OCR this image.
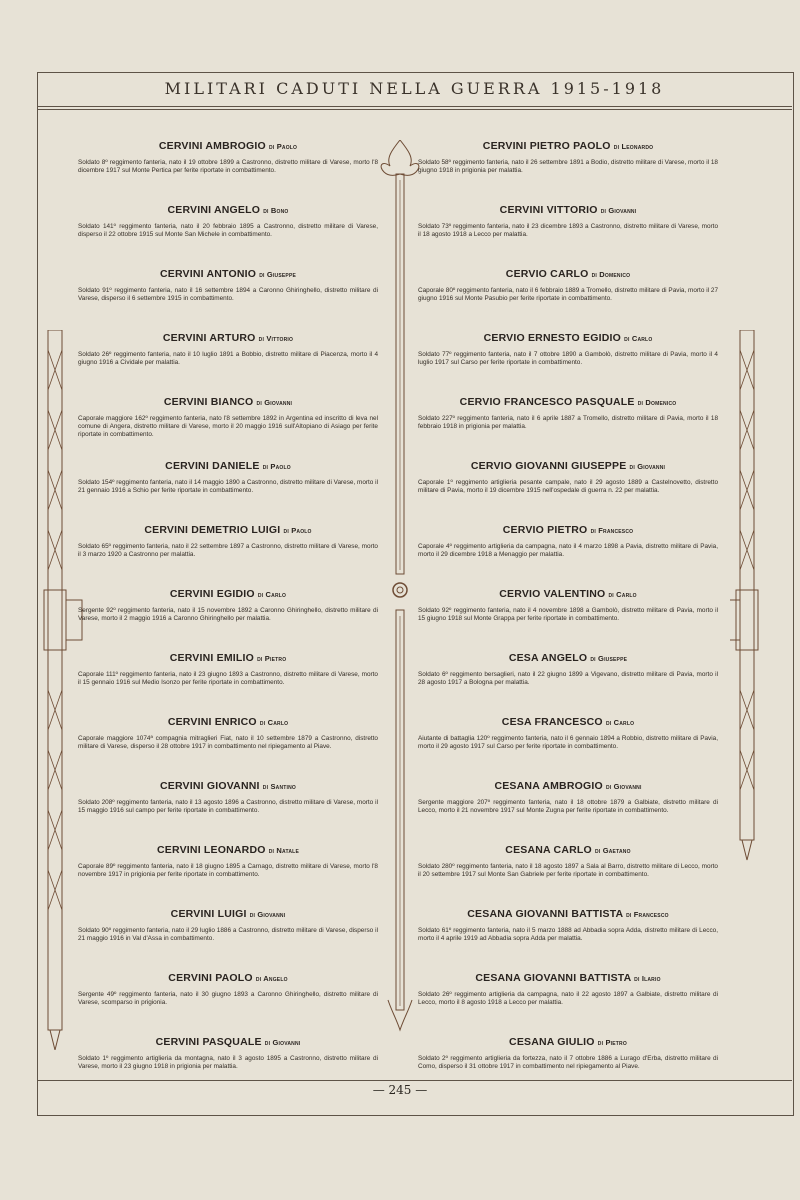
MILITARI CADUTI NELLA GUERRA 1915-1918
CERVINI AMBROGIO di Paolo
Soldato 8º reggimento fanteria, nato il 19 ottobre 1899 a Castronno, distretto militare di Varese, morto l'8 dicembre 1917 sul Monte Pertica per ferite riportate in combattimento.
CERVINI ANGELO di Bono
Soldato 141º reggimento fanteria, nato il 20 febbraio 1895 a Castronno, distretto militare di Varese, disperso il 22 ottobre 1915 sul Monte San Michele in combattimento.
CERVINI ANTONIO di Giuseppe
Soldato 91º reggimento fanteria, nato il 16 settembre 1894 a Caronno Ghiringhello, distretto militare di Varese, disperso il 6 settembre 1915 in combattimento.
CERVINI ARTURO di Vittorio
Soldato 26º reggimento fanteria, nato il 10 luglio 1891 a Bobbio, distretto militare di Piacenza, morto il 4 giugno 1916 a Cividale per malattia.
CERVINI BIANCO di Giovanni
Caporale maggiore 162º reggimento fanteria, nato l'8 settembre 1892 in Argentina ed inscritto di leva nel comune di Angera, distretto militare di Varese, morto il 20 maggio 1916 sull'Altopiano di Asiago per ferite riportate in combattimento.
CERVINI DANIELE di Paolo
Soldato 154º reggimento fanteria, nato il 14 maggio 1890 a Castronno, distretto militare di Varese, morto il 21 gennaio 1916 a Schio per ferite riportate in combattimento.
CERVINI DEMETRIO LUIGI di Paolo
Soldato 65º reggimento fanteria, nato il 22 settembre 1897 a Castronno, distretto militare di Varese, morto il 3 marzo 1920 a Castronno per malattia.
CERVINI EGIDIO di Carlo
Sergente 92º reggimento fanteria, nato il 15 novembre 1892 a Caronno Ghiringhello, distretto militare di Varese, morto il 2 maggio 1916 a Caronno Ghiringhello per malattia.
CERVINI EMILIO di Pietro
Caporale 111º reggimento fanteria, nato il 23 giugno 1893 a Castronno, distretto militare di Varese, morto il 15 gennaio 1916 sul Medio Isonzo per ferite riportate in combattimento.
CERVINI ENRICO di Carlo
Caporale maggiore 1074ª compagnia mitraglieri Fiat, nato il 10 settembre 1879 a Castronno, distretto militare di Varese, disperso il 28 ottobre 1917 in combattimento nel ripiegamento al Piave.
CERVINI GIOVANNI di Santino
Soldato 208º reggimento fanteria, nato il 13 agosto 1896 a Castronno, distretto militare di Varese, morto il 15 maggio 1916 sul campo per ferite riportate in combattimento.
CERVINI LEONARDO di Natale
Caporale 89º reggimento fanteria, nato il 18 giugno 1895 a Carnago, distretto militare di Varese, morto l'8 novembre 1917 in prigionia per ferite riportate in combattimento.
CERVINI LUIGI di Giovanni
Soldato 90º reggimento fanteria, nato il 29 luglio 1886 a Castronno, distretto militare di Varese, disperso il 21 maggio 1916 in Val d'Assa in combattimento.
CERVINI PAOLO di Angelo
Sergente 49º reggimento fanteria, nato il 30 giugno 1893 a Caronno Ghiringhello, distretto militare di Varese, scomparso in prigionia.
CERVINI PASQUALE di Giovanni
Soldato 1º reggimento artiglieria da montagna, nato il 3 agosto 1895 a Castronno, distretto militare di Varese, morto il 23 giugno 1918 in prigionia per malattia.
CERVINI PIETRO PAOLO di Leonardo
Soldato 58º reggimento fanteria, nato il 26 settembre 1891 a Bodio, distretto militare di Varese, morto il 18 giugno 1918 in prigionia per malattia.
CERVINI VITTORIO di Giovanni
Soldato 73º reggimento fanteria, nato il 23 dicembre 1893 a Castronno, distretto militare di Varese, morto il 18 agosto 1918 a Lecco per malattia.
CERVIO CARLO di Domenico
Caporale 80º reggimento fanteria, nato il 6 febbraio 1889 a Tromello, distretto militare di Pavia, morto il 27 giugno 1916 sul Monte Pasubio per ferite riportate in combattimento.
CERVIO ERNESTO EGIDIO di Carlo
Soldato 77º reggimento fanteria, nato il 7 ottobre 1890 a Gambolò, distretto militare di Pavia, morto il 4 luglio 1917 sul Carso per ferite riportate in combattimento.
CERVIO FRANCESCO PASQUALE di Domenico
Soldato 227º reggimento fanteria, nato il 6 aprile 1887 a Tromello, distretto militare di Pavia, morto il 18 febbraio 1918 in prigionia per malattia.
CERVIO GIOVANNI GIUSEPPE di Giovanni
Caporale 1º reggimento artiglieria pesante campale, nato il 29 agosto 1889 a Castelnovetto, distretto militare di Pavia, morto il 19 dicembre 1915 nell'ospedale di guerra n. 22 per malattia.
CERVIO PIETRO di Francesco
Caporale 4º reggimento artiglieria da campagna, nato il 4 marzo 1898 a Pavia, distretto militare di Pavia, morto il 29 dicembre 1918 a Menaggio per malattia.
CERVIO VALENTINO di Carlo
Soldato 92º reggimento fanteria, nato il 4 novembre 1898 a Gambolò, distretto militare di Pavia, morto il 15 giugno 1918 sul Monte Grappa per ferite riportate in combattimento.
CESA ANGELO di Giuseppe
Soldato 6º reggimento bersaglieri, nato il 22 giugno 1899 a Vigevano, distretto militare di Pavia, morto il 28 agosto 1917 a Bologna per malattia.
CESA FRANCESCO di Carlo
Aiutante di battaglia 120º reggimento fanteria, nato il 6 gennaio 1894 a Robbio, distretto militare di Pavia, morto il 29 agosto 1917 sul Carso per ferite riportate in combattimento.
CESANA AMBROGIO di Giovanni
Sergente maggiore 207º reggimento fanteria, nato il 18 ottobre 1879 a Galbiate, distretto militare di Lecco, morto il 21 novembre 1917 sul Monte Zugna per ferite riportate in combattimento.
CESANA CARLO di Gaetano
Soldato 280º reggimento fanteria, nato il 18 agosto 1897 a Sala al Barro, distretto militare di Lecco, morto il 20 settembre 1917 sul Monte San Gabriele per ferite riportate in combattimento.
CESANA GIOVANNI BATTISTA di Francesco
Soldato 61º reggimento fanteria, nato il 5 marzo 1888 ad Abbadia sopra Adda, distretto militare di Lecco, morto il 4 aprile 1919 ad Abbadia sopra Adda per malattia.
CESANA GIOVANNI BATTISTA di Ilario
Soldato 26º reggimento artiglieria da campagna, nato il 22 agosto 1897 a Galbiate, distretto militare di Lecco, morto il 8 agosto 1918 a Lecco per malattia.
CESANA GIULIO di Pietro
Soldato 2º reggimento artiglieria da fortezza, nato il 7 ottobre 1886 a Lurago d'Erba, distretto militare di Como, disperso il 31 ottobre 1917 in combattimento nel ripiegamento al Piave.
— 245 —
